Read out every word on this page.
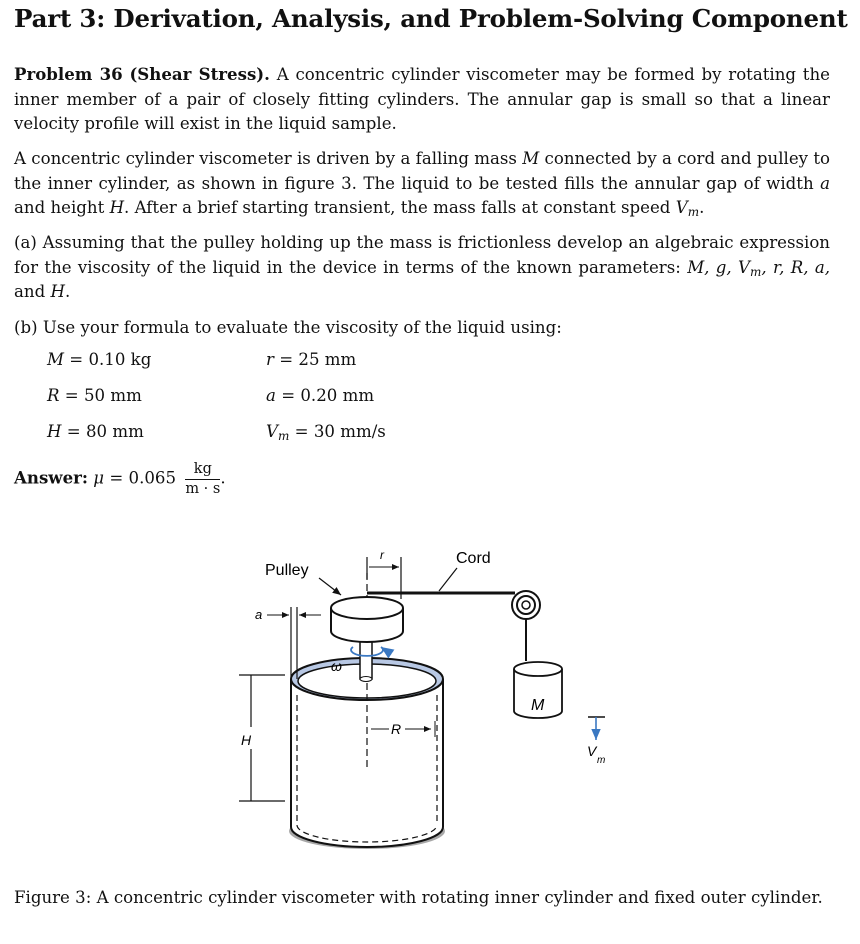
Part 3: Derivation, Analysis, and Problem-Solving Component

Problem 36 (Shear Stress). A concentric cylinder viscometer may be formed by rotating the inner member of a pair of closely fitting cylinders. The annular gap is small so that a linear velocity profile will exist in the liquid sample.

A concentric cylinder viscometer is driven by a falling mass M connected by a cord and pulley to the inner cylinder, as shown in figure 3. The liquid to be tested fills the annular gap of width a and height H. After a brief starting transient, the mass falls at constant speed $V_m$.

(a) Assuming that the pulley holding up the mass is frictionless develop an algebraic expression for the viscosity of the liquid in the device in terms of the known parameters: M, g, $V_m$, r, R, a, and H.

(b) Use your formula to evaluate the viscosity of the liquid using:

M = 0.10 kg
R = 50 mm
H = 80 mm
r = 25 mm
a = 0.20 mm
$V_m = 30$ mm/s
Answer: $\mu = 0.065 \frac{kg}{m \cdot s}$ .
ω
M
V
m
r
Pulley
Cord
a
H
R

Figure 3: A concentric cylinder viscometer with rotating inner cylinder and fixed outer cylinder.
